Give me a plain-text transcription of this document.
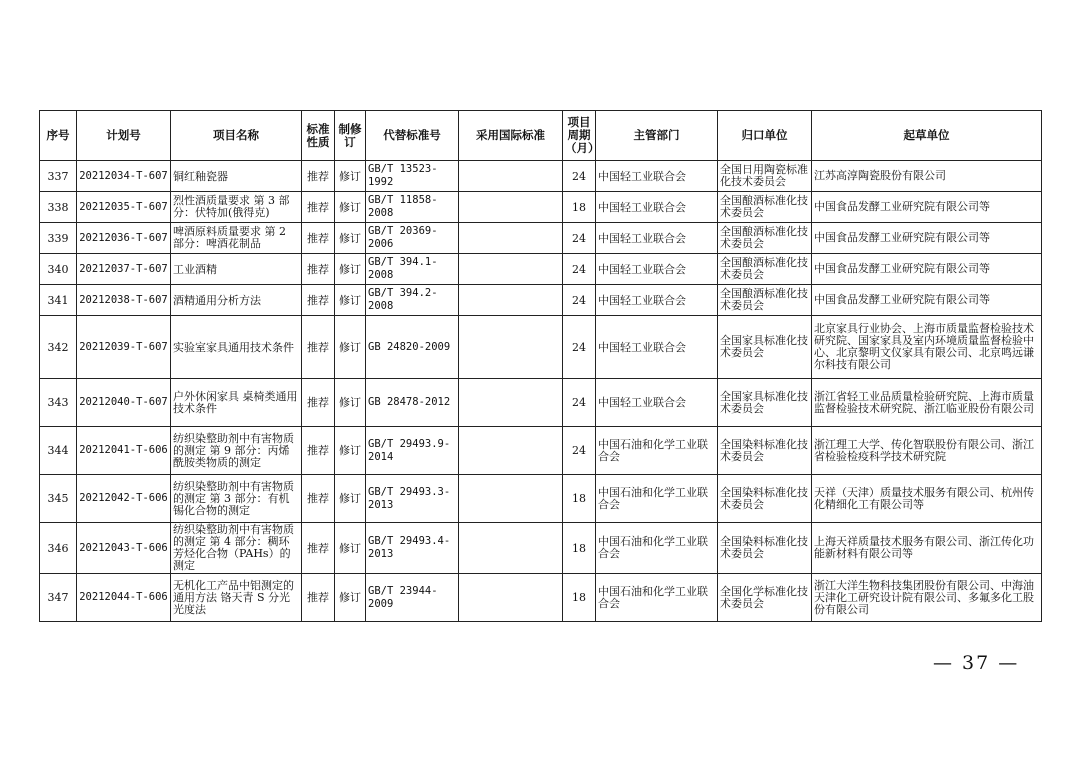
序号	计划号	项目名称	标准性质	制修订	代替标准号	采用国际标准	项目周期（月）	主管部门	归口单位	起草单位
337	20212034-T-607	铜红釉瓷器	推荐	修订	GB/T 13523-1992		24	中国轻工业联合会	全国日用陶瓷标准化技术委员会	江苏高淳陶瓷股份有限公司
338	20212035-T-607	烈性酒质量要求 第 3 部分：伏特加(俄得克)	推荐	修订	GB/T 11858-2008		18	中国轻工业联合会	全国酿酒标准化技术委员会	中国食品发酵工业研究院有限公司等
339	20212036-T-607	啤酒原料质量要求 第 2 部分：啤酒花制品	推荐	修订	GB/T 20369-2006		24	中国轻工业联合会	全国酿酒标准化技术委员会	中国食品发酵工业研究院有限公司等
340	20212037-T-607	工业酒精	推荐	修订	GB/T 394.1-2008		24	中国轻工业联合会	全国酿酒标准化技术委员会	中国食品发酵工业研究院有限公司等
341	20212038-T-607	酒精通用分析方法	推荐	修订	GB/T 394.2-2008		24	中国轻工业联合会	全国酿酒标准化技术委员会	中国食品发酵工业研究院有限公司等
342	20212039-T-607	实验室家具通用技术条件	推荐	修订	GB 24820-2009		24	中国轻工业联合会	全国家具标准化技术委员会	北京家具行业协会、上海市质量监督检验技术研究院、国家家具及室内环境质量监督检验中心、北京黎明文仪家具有限公司、北京鸣远谦尔科技有限公司
343	20212040-T-607	户外休闲家具 桌椅类通用技术条件	推荐	修订	GB 28478-2012		24	中国轻工业联合会	全国家具标准化技术委员会	浙江省轻工业品质量检验研究院、上海市质量监督检验技术研究院、浙江临亚股份有限公司
344	20212041-T-606	纺织染整助剂中有害物质的测定 第 9 部分：丙烯酰胺类物质的测定	推荐	修订	GB/T 29493.9-2014		24	中国石油和化学工业联合会	全国染料标准化技术委员会	浙江理工大学、传化智联股份有限公司、浙江省检验检疫科学技术研究院
345	20212042-T-606	纺织染整助剂中有害物质的测定 第 3 部分：有机锡化合物的测定	推荐	修订	GB/T 29493.3-2013		18	中国石油和化学工业联合会	全国染料标准化技术委员会	天祥（天津）质量技术服务有限公司、杭州传化精细化工有限公司等
346	20212043-T-606	纺织染整助剂中有害物质的测定 第 4 部分：稠环芳烃化合物（PAHs）的测定	推荐	修订	GB/T 29493.4-2013		18	中国石油和化学工业联合会	全国染料标准化技术委员会	上海天祥质量技术服务有限公司、浙江传化功能新材料有限公司等
347	20212044-T-606	无机化工产品中铝测定的通用方法 铬天青 S 分光光度法	推荐	修订	GB/T 23944-2009		18	中国石油和化学工业联合会	全国化学标准化技术委员会	浙江大洋生物科技集团股份有限公司、中海油天津化工研究设计院有限公司、多氟多化工股份有限公司
— 37 —
